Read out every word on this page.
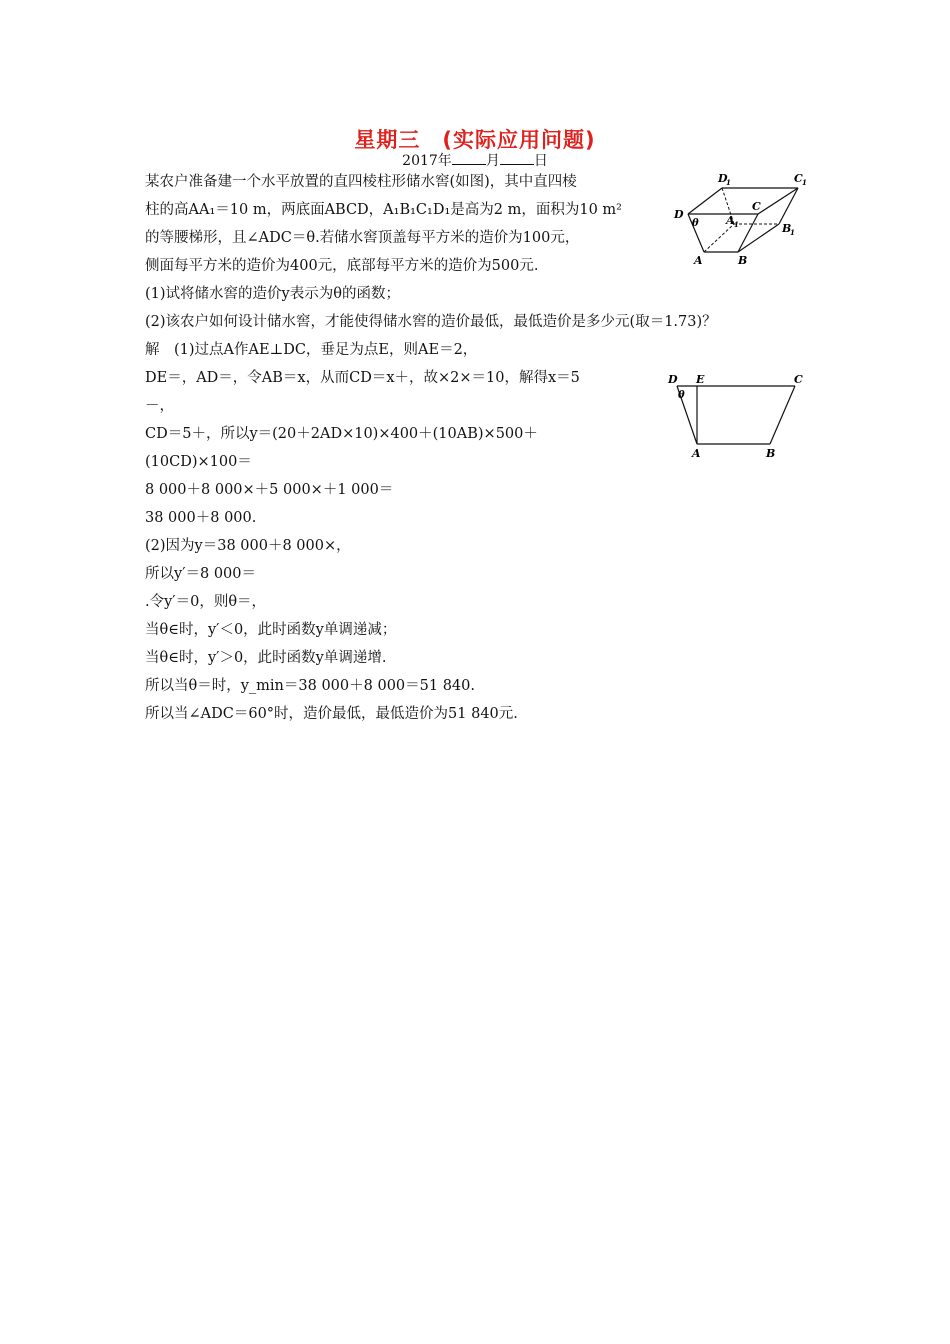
星期三　(实际应用问题)
2017年 月 日
某农户准备建一个水平放置的直四棱柱形储水窖(如图)，其中直四棱
柱的高AA₁＝10 m，两底面ABCD，A₁B₁C₁D₁是高为2 m，面积为10 m²
的等腰梯形，且∠ADC＝θ.若储水窖顶盖每平方米的造价为100元，
侧面每平方米的造价为400元，底部每平方米的造价为500元.
(1)试将储水窖的造价y表示为θ的函数；
(2)该农户如何设计储水窖，才能使得储水窖的造价最低，最低造价是多少元(取＝1.73)？
解　(1)过点A作AE⊥DC，垂足为点E，则AE＝2，
DE＝，AD＝，令AB＝x，从而CD＝x＋，故×2×＝10，解得x＝5
－，
CD＝5＋，所以y＝(20＋2AD×10)×400＋(10AB)×500＋
(10CD)×100＝
8 000＋8 000×＋5 000×＋1 000＝
38 000＋8 000.
(2)因为y＝38 000＋8 000×，
所以y′＝8 000＝
.令y′＝0，则θ＝，
当θ∈时，y′＜0，此时函数y单调递减；
当θ∈时，y′＞0，此时函数y单调递增.
所以当θ＝时，y_min＝38 000＋8 000＝51 840.
所以当∠ADC＝60°时，造价最低，最低造价为51 840元.
D
1	C 1
D
C
A 1	B
1
A	B
θ
D E	C
A	B
θ
